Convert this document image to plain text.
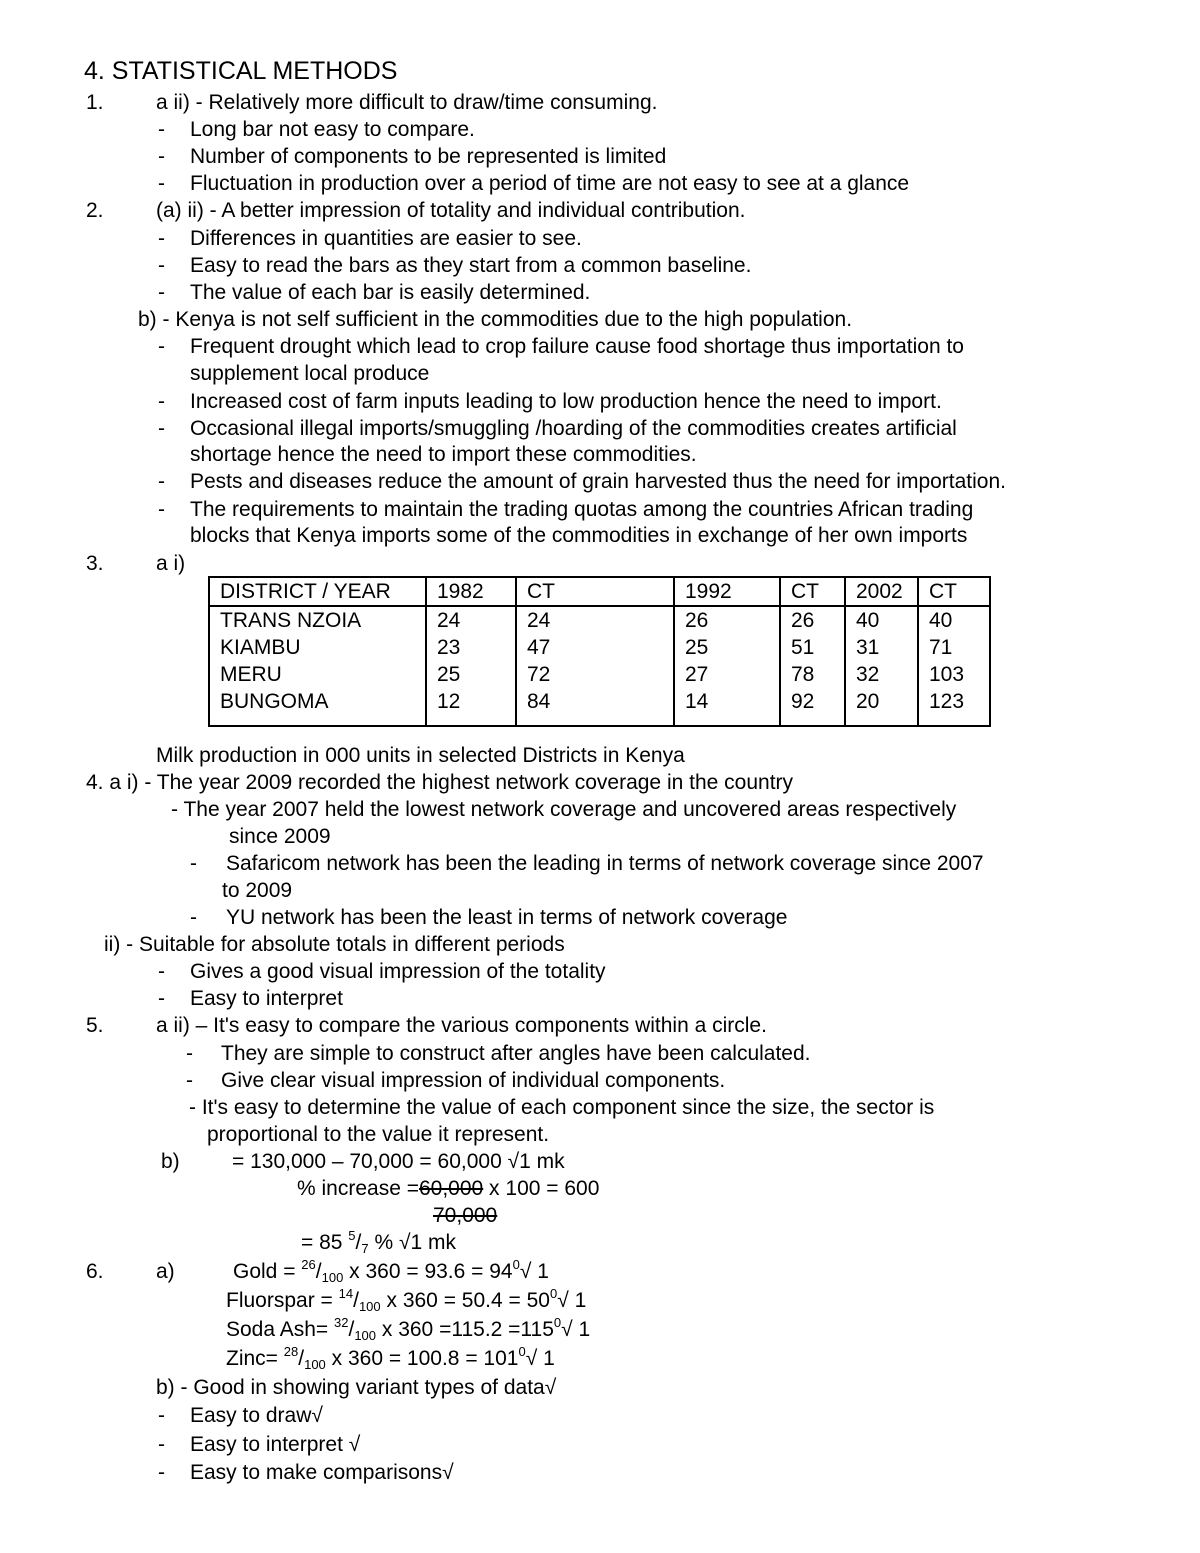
4. STATISTICAL METHODS
1. a ii) - Relatively more difficult to draw/time consuming.
- Long bar not easy to compare.
- Number of components to be represented is limited
- Fluctuation in production over a period of time are not easy to see at a glance
2. (a) ii) - A better impression of totality and individual contribution.
- Differences in quantities are easier to see.
- Easy to read the bars as they start from a common baseline.
- The value of each bar is easily determined.
b) - Kenya is not self sufficient in the commodities due to the high population.
- Frequent drought which lead to crop failure cause food shortage thus importation to
supplement local produce
- Increased cost of farm inputs leading to low production hence the need to import.
- Occasional illegal imports/smuggling /hoarding of the commodities creates artificial
shortage hence the need to import these commodities.
- Pests and diseases reduce the amount of grain harvested thus the need for importation.
- The requirements to maintain the trading quotas among the countries African trading
blocks that Kenya imports some of the commodities in exchange of her own imports
3. a i)
DISTRICT / YEAR	1982	CT	1992	CT	2002	CT
TRANS NZOIA	24	24	26	26	40	40
KIAMBU	23	47	25	51	31	71
MERU	25	72	27	78	32	103
BUNGOMA	12	84	14	92	20	123
Milk production in 000 units in selected Districts in Kenya
4. a i) - The year 2009 recorded the highest network coverage in the country
- The year 2007 held the lowest network coverage and uncovered areas respectively
since 2009
- Safaricom network has been the leading in terms of network coverage since 2007
to 2009
- YU network has been the least in terms of network coverage
ii) - Suitable for absolute totals in different periods
- Gives a good visual impression of the totality
- Easy to interpret
5. a ii) – It's easy to compare the various components within a circle.
- They are simple to construct after angles have been calculated.
- Give clear visual impression of individual components.
- It's easy to determine the value of each component since the size, the sector is
proportional to the value it represent.
b) = 130,000 – 70,000 = 60,000 √1 mk
% increase =60,000 x 100 = 600
70,000
= 85 $^5/_7$ % √1 mk
6. a)	Gold = $^{26}/_{100}$ x $360 = 93.6 = 94^0√$ 1
Fluorspar = $^{14}/_{100}$ x $360 = 50.4 = 50^0√$ 1
Soda $Ash= ^{32}/_{100}$ x $360 =115.2 =115^0√$ 1
Zinc= $^{28}/_{100}$ x $360 = 100.8 = 101^0√$ 1
b) - Good in showing variant types of data√
- Easy to draw√
- Easy to interpret √
- Easy to make comparisons√
